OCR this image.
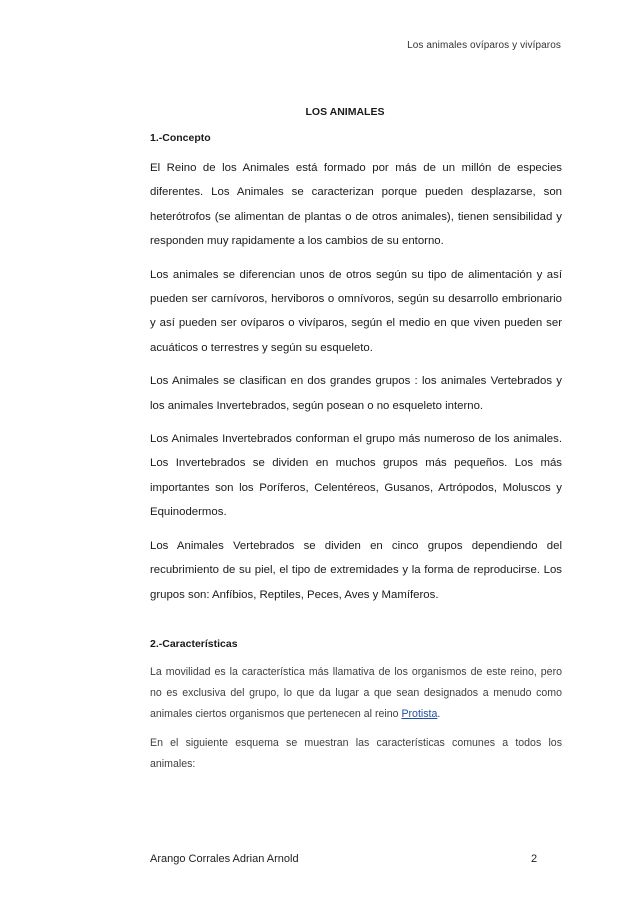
Los animales ovíparos y vivíparos
LOS ANIMALES
1.-Concepto

El Reino de los Animales está formado por más de un millón de especies diferentes. Los Animales se caracterizan porque pueden desplazarse, son heterótrofos (se alimentan de plantas o de otros animales), tienen sensibilidad y responden muy rapidamente a los cambios de su entorno.

Los animales se diferencian unos de otros según su tipo de alimentación y así pueden ser carnívoros, herviboros o omnívoros, según su desarrollo embrionario y así pueden ser ovíparos o vivíparos, según el medio en que viven pueden ser acuáticos o terrestres y según su esqueleto.

Los Animales se clasifican en dos grandes grupos : los animales Vertebrados y los animales Invertebrados, según posean o no esqueleto interno.

Los Animales Invertebrados conforman el grupo más numeroso de los animales. Los Invertebrados se dividen en muchos grupos más pequeños. Los más importantes son los Poríferos, Celentéreos, Gusanos, Artrópodos, Moluscos y Equinodermos.

Los Animales Vertebrados se dividen en cinco grupos dependiendo del recubrimiento de su piel, el tipo de extremidades y la forma de reproducirse. Los grupos son: Anfíbios, Reptiles, Peces, Aves y Mamíferos.

2.-Características

La movilidad es la característica más llamativa de los organismos de este reino, pero no es exclusiva del grupo, lo que da lugar a que sean designados a menudo como animales ciertos organismos que pertenecen al reino Protista.

En el siguiente esquema se muestran las características comunes a todos los animales:

Arango Corrales Adrian Arnold	2
